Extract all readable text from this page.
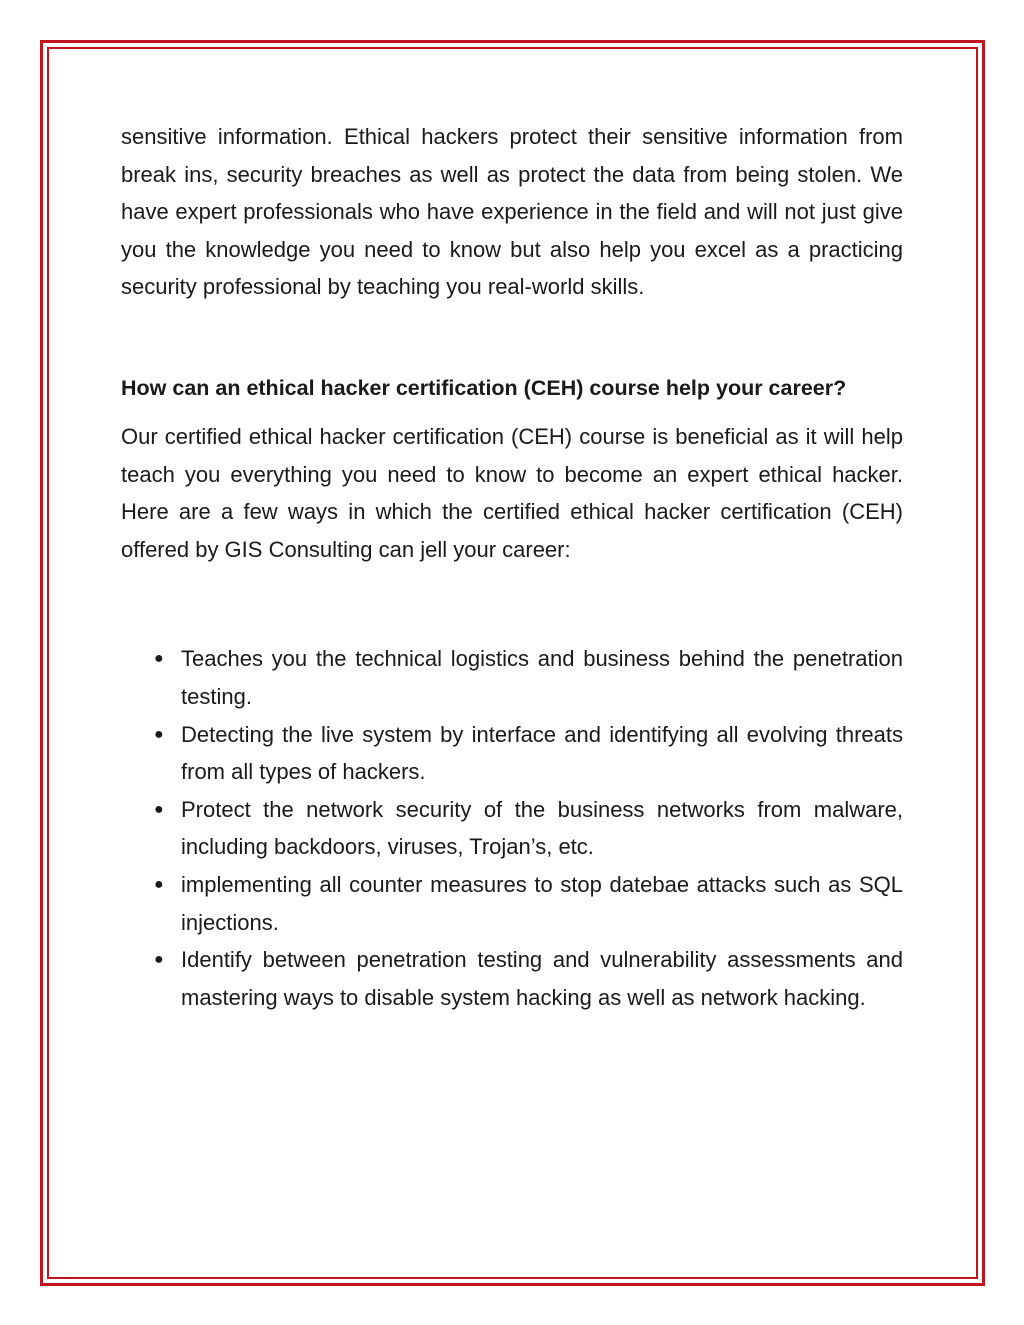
sensitive information. Ethical hackers protect their sensitive information from break ins, security breaches as well as protect the data from being stolen. We have expert professionals who have experience in the field and will not just give you the knowledge you need to know but also help you excel as a practicing security professional by teaching you real-world skills.

How can an ethical hacker certification (CEH) course help your career?

Our certified ethical hacker certification (CEH) course is beneficial as it will help teach you everything you need to know to become an expert ethical hacker. Here are a few ways in which the certified ethical hacker certification (CEH) offered by GIS Consulting can jell your career:

● Teaches you the technical logistics and business behind the penetration testing.
● Detecting the live system by interface and identifying all evolving threats from all types of hackers.
● Protect the network security of the business networks from malware, including backdoors, viruses, Trojan’s, etc.
● implementing all counter measures to stop datebae attacks such as SQL injections.
● Identify between penetration testing and vulnerability assessments and mastering ways to disable system hacking as well as network hacking.
